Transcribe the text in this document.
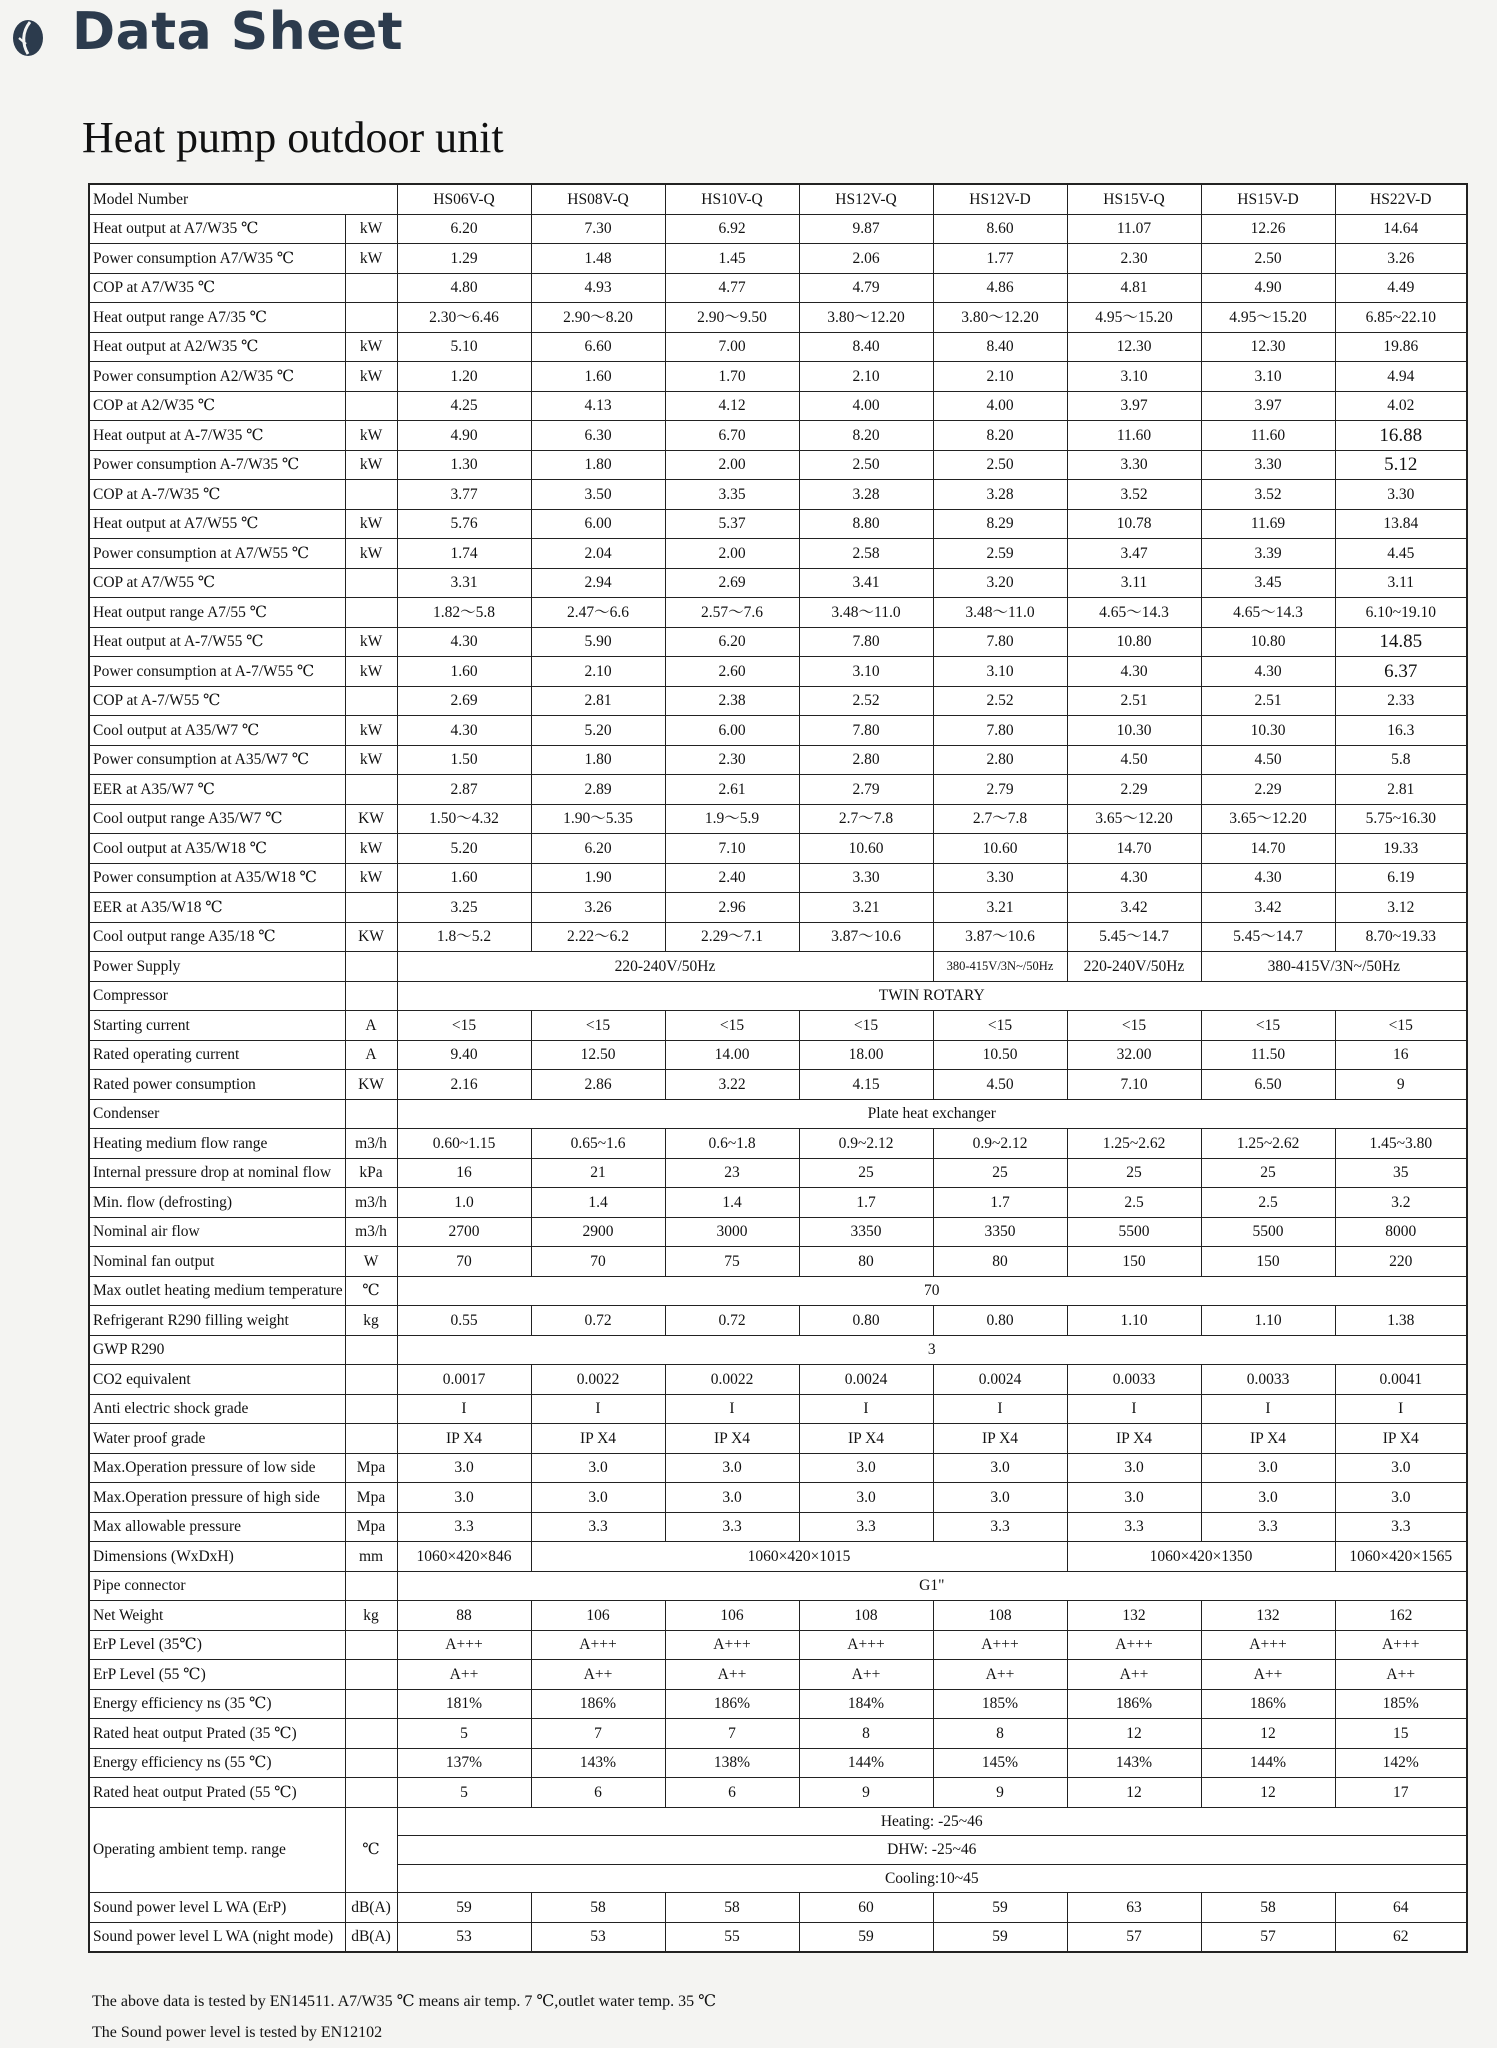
Data Sheet
Heat pump outdoor unit
Model Number		HS06V-Q	HS08V-Q	HS10V-Q	HS12V-Q	HS12V-D	HS15V-Q	HS15V-D	HS22V-D
Heat output at A7/W35 ℃	kW	6.20	7.30	6.92	9.87	8.60	11.07	12.26	14.64
Power consumption A7/W35 ℃	kW	1.29	1.48	1.45	2.06	1.77	2.30	2.50	3.26
COP at A7/W35 ℃		4.80	4.93	4.77	4.79	4.86	4.81	4.90	4.49
Heat output range A7/35 ℃		2.30～6.46	2.90～8.20	2.90～9.50	3.80～12.20	3.80～12.20	4.95～15.20	4.95～15.20	6.85~22.10
Heat output at A2/W35 ℃	kW	5.10	6.60	7.00	8.40	8.40	12.30	12.30	19.86
Power consumption A2/W35 ℃	kW	1.20	1.60	1.70	2.10	2.10	3.10	3.10	4.94
COP at A2/W35 ℃		4.25	4.13	4.12	4.00	4.00	3.97	3.97	4.02
Heat output at A-7/W35 ℃	kW	4.90	6.30	6.70	8.20	8.20	11.60	11.60	16.88
Power consumption A-7/W35 ℃	kW	1.30	1.80	2.00	2.50	2.50	3.30	3.30	5.12
COP at A-7/W35 ℃		3.77	3.50	3.35	3.28	3.28	3.52	3.52	3.30
Heat output at A7/W55 ℃	kW	5.76	6.00	5.37	8.80	8.29	10.78	11.69	13.84
Power consumption at A7/W55 ℃	kW	1.74	2.04	2.00	2.58	2.59	3.47	3.39	4.45
COP at A7/W55 ℃		3.31	2.94	2.69	3.41	3.20	3.11	3.45	3.11
Heat output range A7/55 ℃		1.82～5.8	2.47～6.6	2.57～7.6	3.48～11.0	3.48～11.0	4.65～14.3	4.65～14.3	6.10~19.10
Heat output at A-7/W55 ℃	kW	4.30	5.90	6.20	7.80	7.80	10.80	10.80	14.85
Power consumption at A-7/W55 ℃	kW	1.60	2.10	2.60	3.10	3.10	4.30	4.30	6.37
COP at A-7/W55 ℃		2.69	2.81	2.38	2.52	2.52	2.51	2.51	2.33
Cool output at A35/W7 ℃	kW	4.30	5.20	6.00	7.80	7.80	10.30	10.30	16.3
Power consumption at A35/W7 ℃	kW	1.50	1.80	2.30	2.80	2.80	4.50	4.50	5.8
EER at A35/W7 ℃		2.87	2.89	2.61	2.79	2.79	2.29	2.29	2.81
Cool output range A35/W7 ℃	KW	1.50～4.32	1.90～5.35	1.9～5.9	2.7～7.8	2.7～7.8	3.65～12.20	3.65～12.20	5.75~16.30
Cool output at A35/W18 ℃	kW	5.20	6.20	7.10	10.60	10.60	14.70	14.70	19.33
Power consumption at A35/W18 ℃	kW	1.60	1.90	2.40	3.30	3.30	4.30	4.30	6.19
EER at A35/W18 ℃		3.25	3.26	2.96	3.21	3.21	3.42	3.42	3.12
Cool output range A35/18 ℃	KW	1.8～5.2	2.22～6.2	2.29～7.1	3.87～10.6	3.87～10.6	5.45～14.7	5.45～14.7	8.70~19.33
Power Supply		220-240V/50Hz				380-415V/3N~/50Hz	220-240V/50Hz	380-415V/3N~/50Hz	
Compressor		TWIN ROTARY							
Starting current	A	<15	<15	<15	<15	<15	<15	<15	<15
Rated operating current	A	9.40	12.50	14.00	18.00	10.50	32.00	11.50	16
Rated power consumption	KW	2.16	2.86	3.22	4.15	4.50	7.10	6.50	9
Condenser		Plate heat exchanger							
Heating medium flow range	m3/h	0.60~1.15	0.65~1.6	0.6~1.8	0.9~2.12	0.9~2.12	1.25~2.62	1.25~2.62	1.45~3.80
Internal pressure drop at nominal flow	kPa	16	21	23	25	25	25	25	35
Min. flow (defrosting)	m3/h	1.0	1.4	1.4	1.7	1.7	2.5	2.5	3.2
Nominal air flow	m3/h	2700	2900	3000	3350	3350	5500	5500	8000
Nominal fan output	W	70	70	75	80	80	150	150	220
Max outlet heating medium temperature	℃	70							
Refrigerant R290 filling weight	kg	0.55	0.72	0.72	0.80	0.80	1.10	1.10	1.38
GWP R290		3							
CO2 equivalent		0.0017	0.0022	0.0022	0.0024	0.0024	0.0033	0.0033	0.0041
Anti electric shock grade		I	I	I	I	I	I	I	I
Water proof grade		IP X4	IP X4	IP X4	IP X4	IP X4	IP X4	IP X4	IP X4
Max.Operation pressure of low side	Mpa	3.0	3.0	3.0	3.0	3.0	3.0	3.0	3.0
Max.Operation pressure of high side	Mpa	3.0	3.0	3.0	3.0	3.0	3.0	3.0	3.0
Max allowable pressure	Mpa	3.3	3.3	3.3	3.3	3.3	3.3	3.3	3.3
Dimensions (WxDxH)	mm	1060×420×846	1060×420×1015				1060×420×1350		1060×420×1565
Pipe connector		G1"							
Net Weight	kg	88	106	106	108	108	132	132	162
ErP Level (35℃)		A+++	A+++	A+++	A+++	A+++	A+++	A+++	A+++
ErP Level (55 ℃)		A++	A++	A++	A++	A++	A++	A++	A++
Energy efficiency ns (35 ℃)		181%	186%	186%	184%	185%	186%	186%	185%
Rated heat output Prated (35 ℃)		5	7	7	8	8	12	12	15
Energy efficiency ns (55 ℃)		137%	143%	138%	144%	145%	143%	144%	142%
Rated heat output Prated (55 ℃)		5	6	6	9	9	12	12	17
Operating ambient temp. range	℃	Heating: -25~46							
		DHW: -25~46							
		Cooling:10~45							
Sound power level L WA (ErP)	dB(A)	59	58	58	60	59	63	58	64
Sound power level L WA (night mode)	dB(A)	53	53	55	59	59	57	57	62
The above data is tested by EN14511. A7/W35 ℃ means air temp. 7 ℃,outlet water temp. 35 ℃
The Sound power level is tested by EN12102
